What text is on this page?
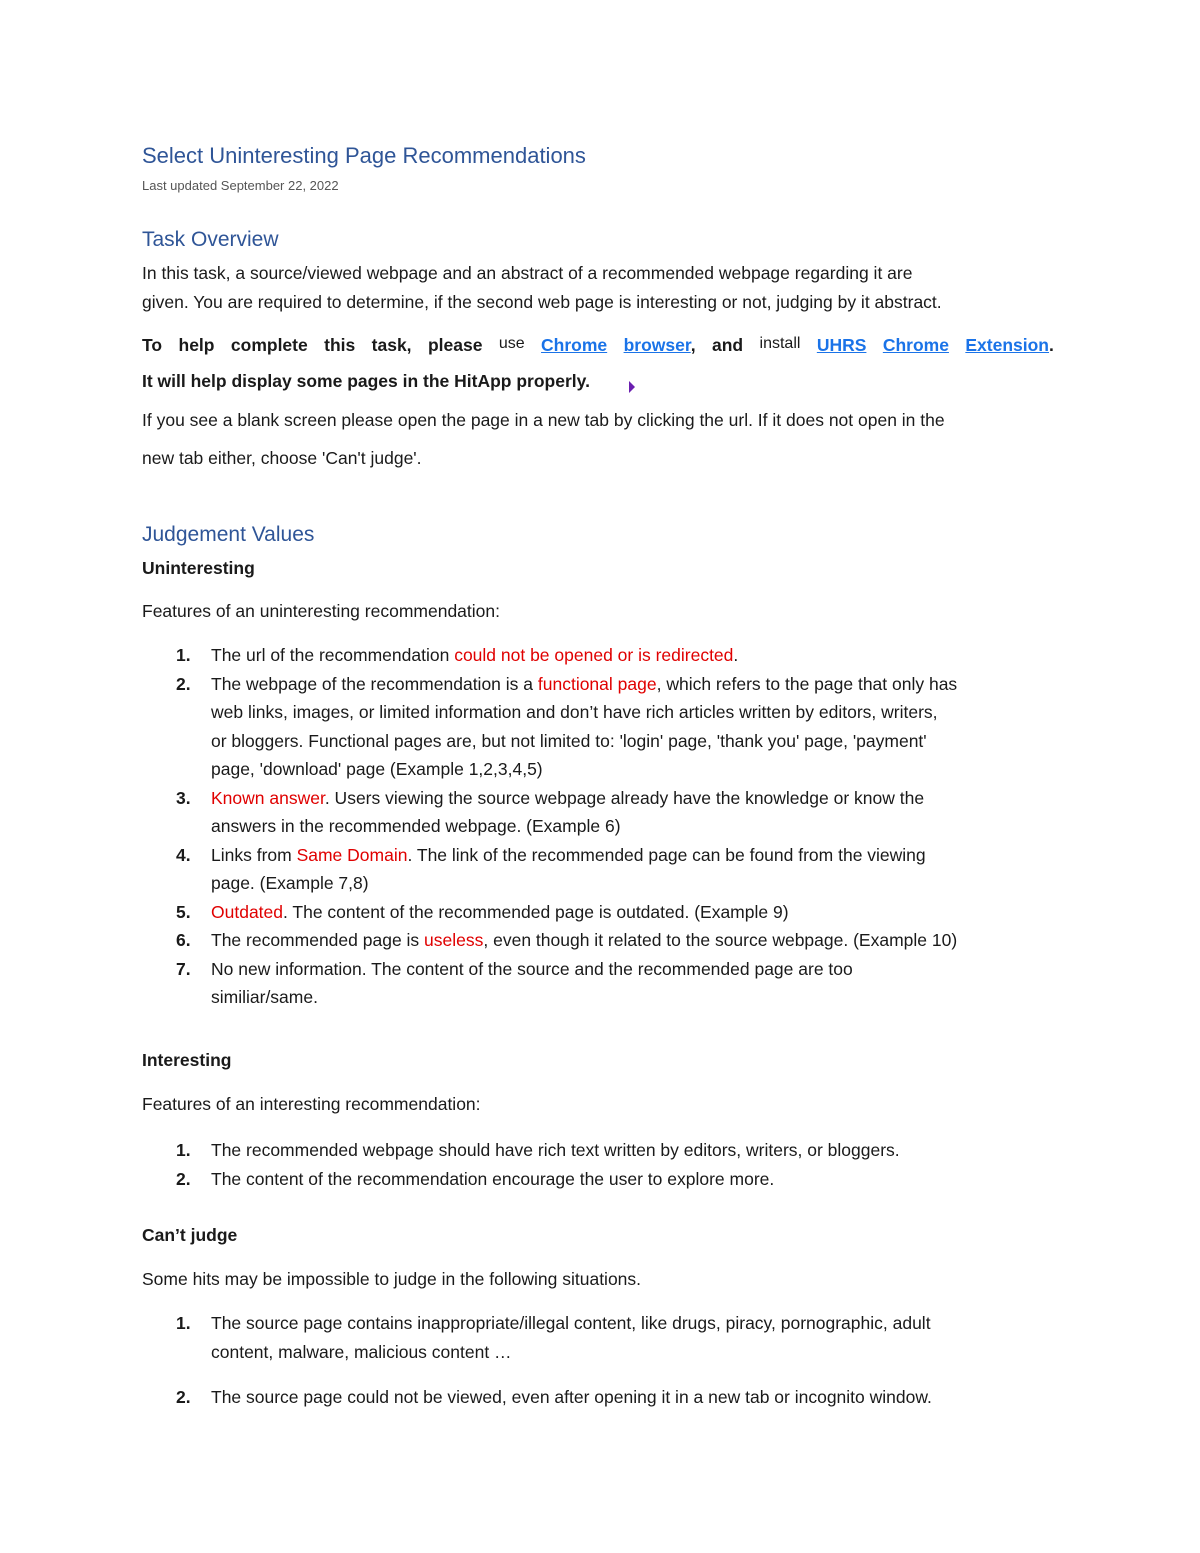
Select Uninteresting Page Recommendations
Last updated September 22, 2022
Task Overview
In this task, a source/viewed webpage and an abstract of a recommended webpage regarding it are
given. You are required to determine, if the second web page is interesting or not, judging by it abstract.
To help complete this task, please use Chrome browser, and install UHRS Chrome Extension.
It will help display some pages in the HitApp properly.
If you see a blank screen please open the page in a new tab by clicking the url. If it does not open in the
new tab either, choose 'Can't judge'.
Judgement Values
Uninteresting
Features of an uninteresting recommendation:
1. The url of the recommendation could not be opened or is redirected.
2. The webpage of the recommendation is a functional page, which refers to the page that only has
web links, images, or limited information and don’t have rich articles written by editors, writers,
or bloggers. Functional pages are, but not limited to: 'login' page, 'thank you' page, 'payment'
page, 'download' page (Example 1,2,3,4,5)
3. Known answer. Users viewing the source webpage already have the knowledge or know the
answers in the recommended webpage. (Example 6)
4. Links from Same Domain. The link of the recommended page can be found from the viewing
page. (Example 7,8)
5. Outdated. The content of the recommended page is outdated. (Example 9)
6. The recommended page is useless, even though it related to the source webpage. (Example 10)
7. No new information. The content of the source and the recommended page are too
similiar/same.
Interesting
Features of an interesting recommendation:
1. The recommended webpage should have rich text written by editors, writers, or bloggers.
2. The content of the recommendation encourage the user to explore more.
Can’t judge
Some hits may be impossible to judge in the following situations.
1. The source page contains inappropriate/illegal content, like drugs, piracy, pornographic, adult
content, malware, malicious content …
2. The source page could not be viewed, even after opening it in a new tab or incognito window.
